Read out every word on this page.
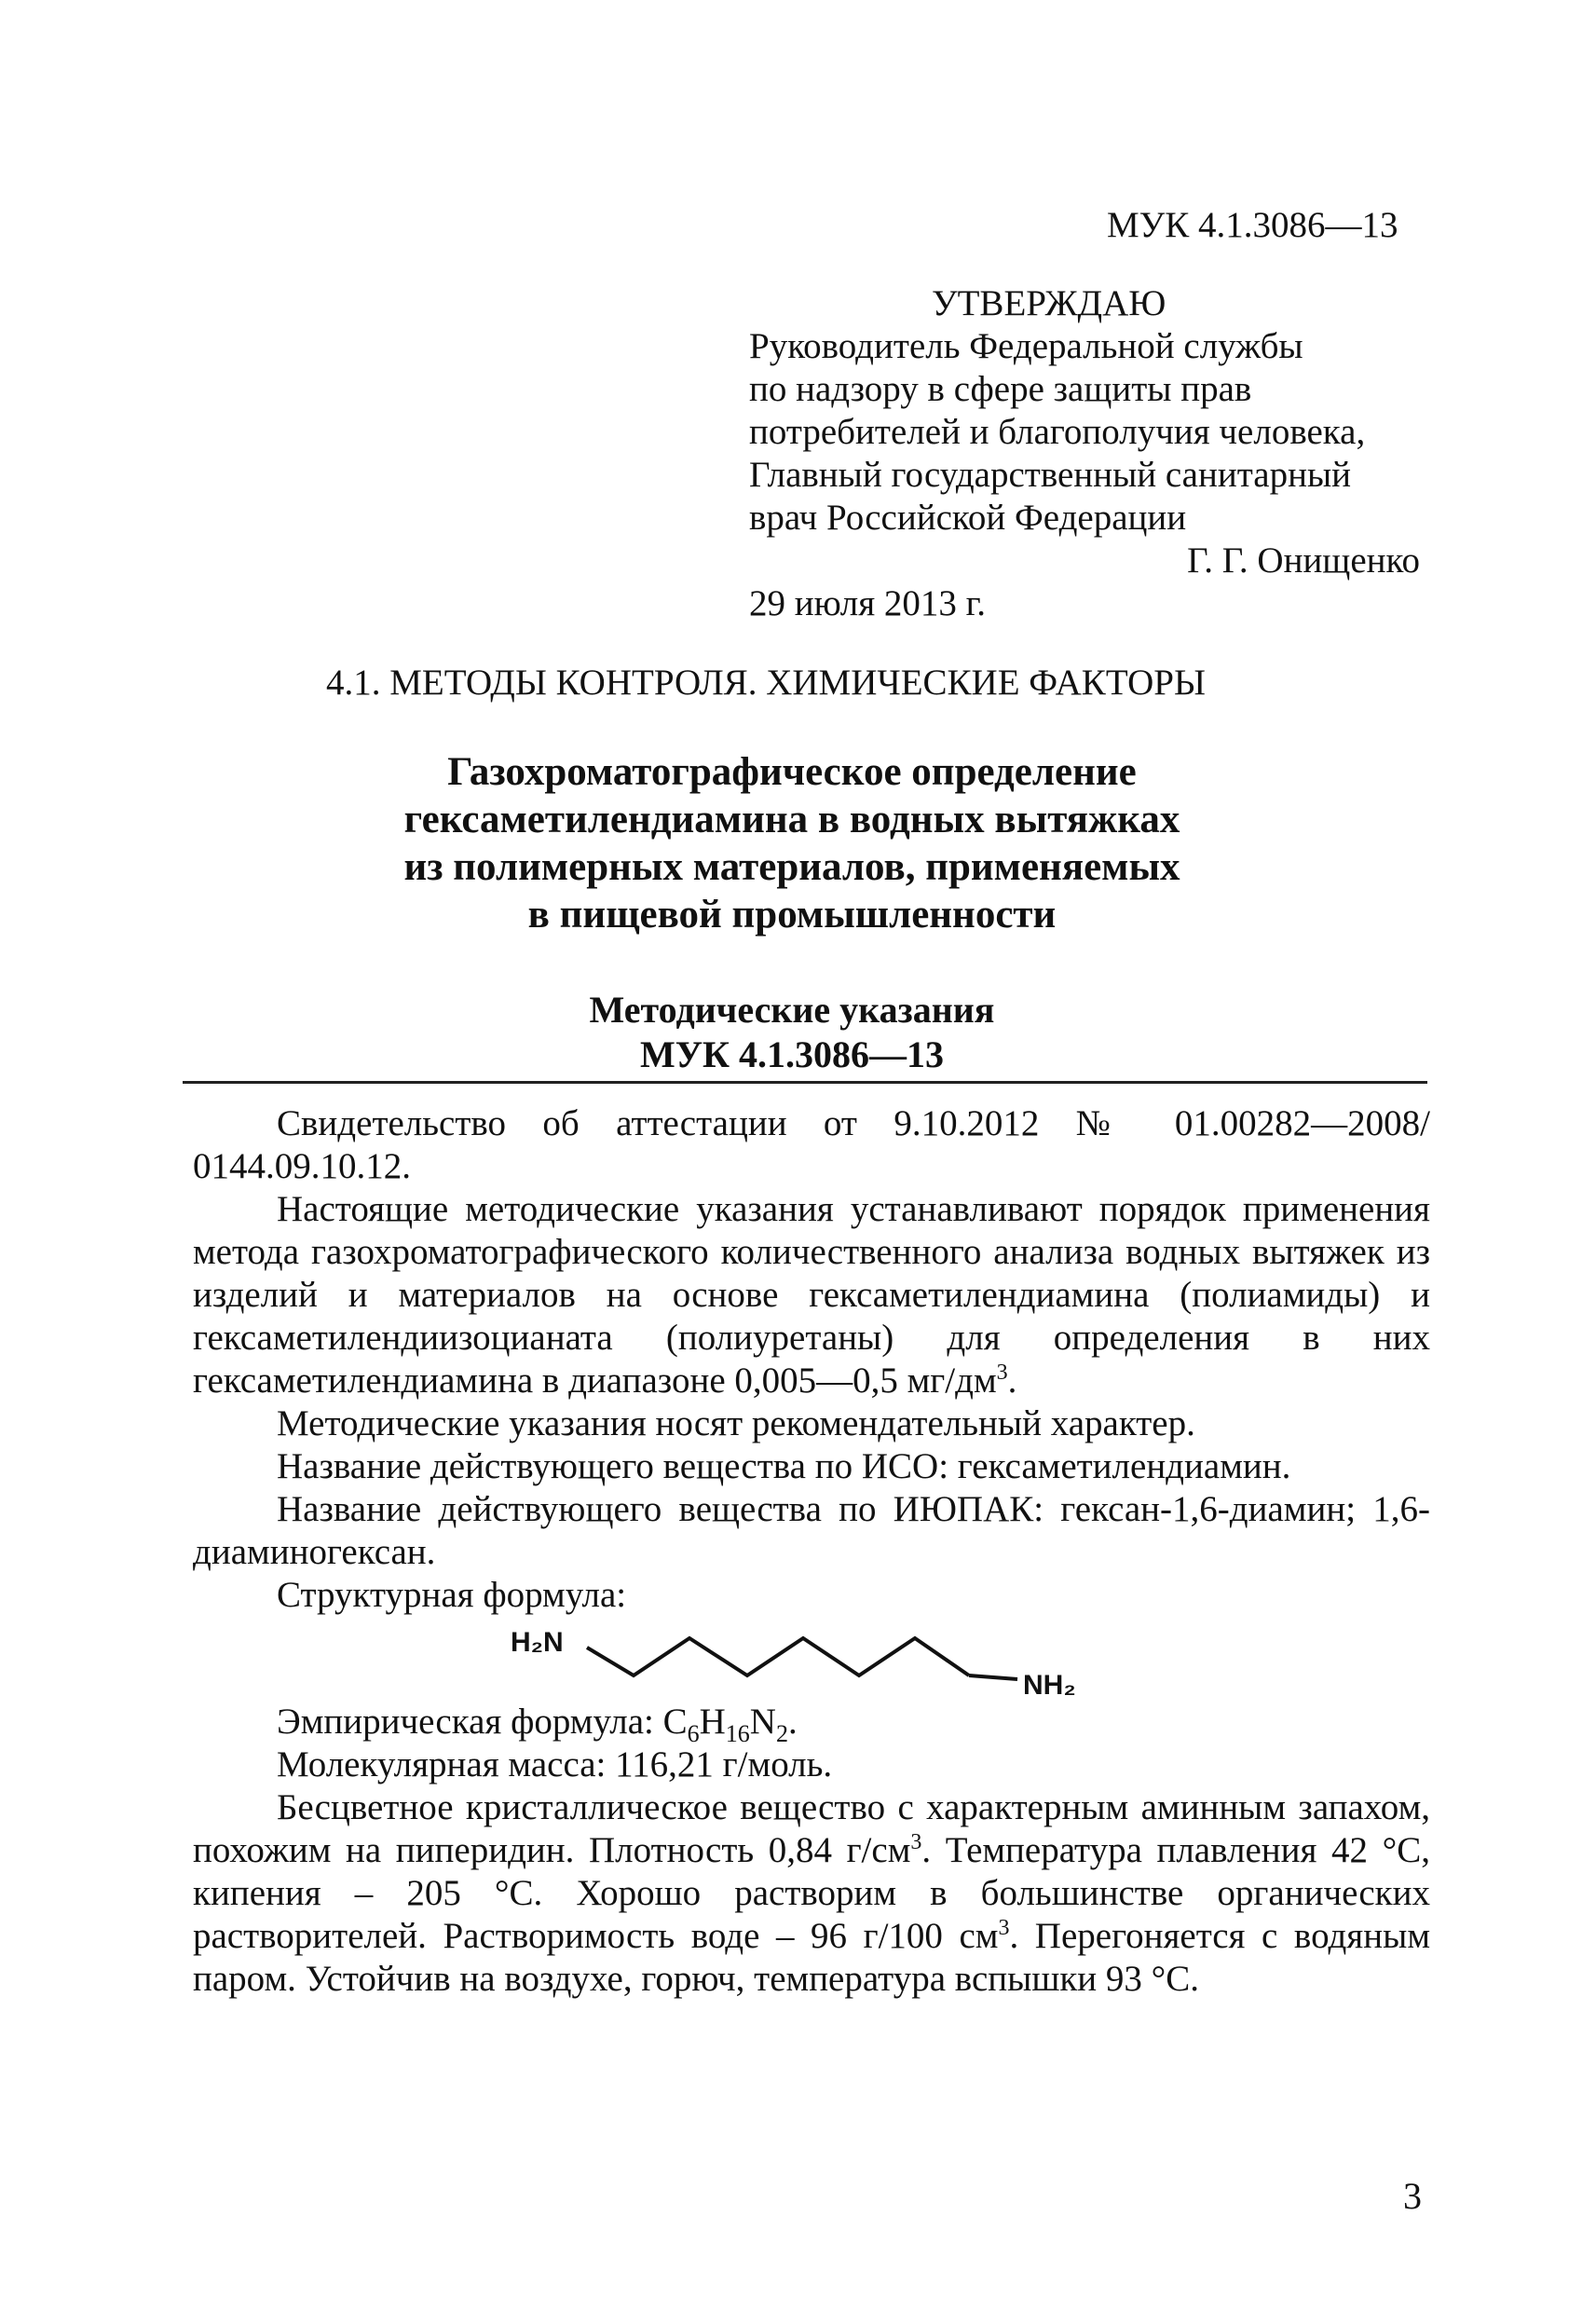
МУК 4.1.3086—13
УТВЕРЖДАЮ
Руководитель Федеральной службы
по надзору в сфере защиты прав
потребителей и благополучия человека,
Главный государственный санитарный
врач Российской Федерации
Г. Г. Онищенко
29 июля 2013 г.
4.1. МЕТОДЫ КОНТРОЛЯ. ХИМИЧЕСКИЕ ФАКТОРЫ
Газохроматографическое определение
гексаметилендиамина в водных вытяжках
из полимерных материалов, применяемых
в пищевой промышленности
Методические указания
МУК 4.1.3086—13
Свидетельство об аттестации от 9.10.2012 № 01.00282—2008/ 0144.09.10.12.
Настоящие методические указания устанавливают порядок применения метода газохроматографического количественного анализа водных вытяжек из изделий и материалов на основе гексаметилендиамина (полиамиды) и гексаметилендиизоцианата (полиуретаны) для определения в них гексаметилендиамина в диапазоне 0,005—0,5 $мг/дм^3$.
Методические указания носят рекомендательный характер.
Название действующего вещества по ИСО: гексаметилендиамин.
Название действующего вещества по ИЮПАК: гексан-1,6-диамин; 1,6-диаминогексан.
Структурная формула:
H₂N
NH₂
Эмпирическая формула: $C_6H_{16}N_2$.
Молекулярная масса: 116,21 г/моль.
Бесцветное кристаллическое вещество с характерным аминным запахом, похожим на пиперидин. Плотность 0,84 $г/см^3$. Температура плавления 42 °С, кипения – 205 °С. Хорошо растворим в большинстве органических растворителей. Растворимость воде – 96 г/100 $см^3$. Перегоняется с водяным паром. Устойчив на воздухе, горюч, температура вспышки 93 °С.
3
